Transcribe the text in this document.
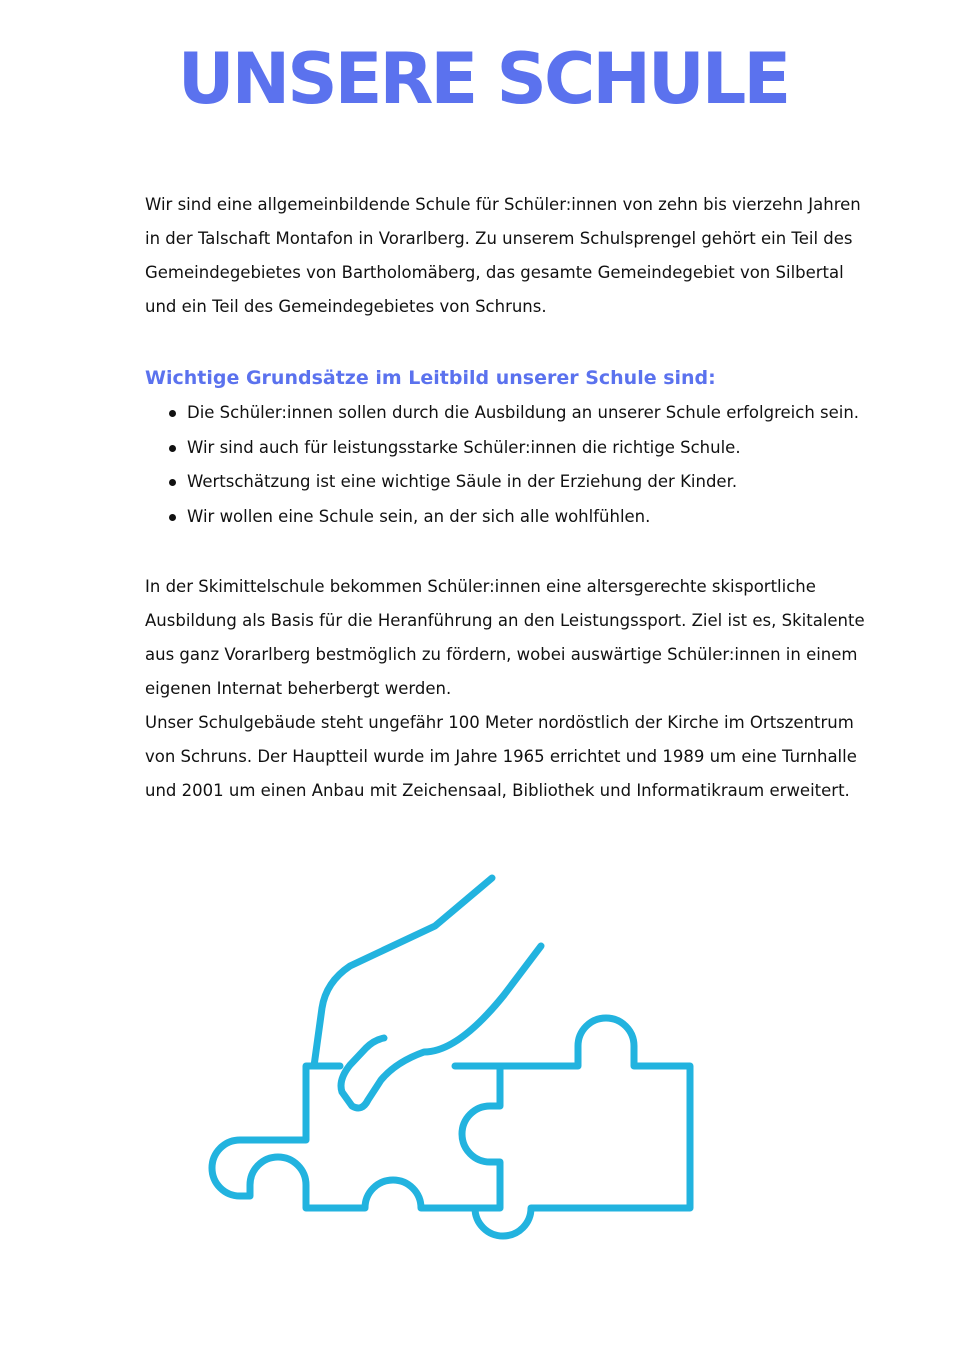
UNSERE SCHULE

Wir sind eine allgemeinbildende Schule für Schüler:innen von zehn bis vierzehn Jahren in der Talschaft Montafon in Vorarlberg. Zu unserem Schulsprengel gehört ein Teil des Gemeindegebietes von Bartholomäberg, das gesamte Gemeindegebiet von Silbertal und ein Teil des Gemeindegebietes von Schruns.

Wichtige Grundsätze im Leitbild unserer Schule sind:
Die Schüler:innen sollen durch die Ausbildung an unserer Schule erfolgreich sein.
Wir sind auch für leistungsstarke Schüler:innen die richtige Schule.
Wertschätzung ist eine wichtige Säule in der Erziehung der Kinder.
Wir wollen eine Schule sein, an der sich alle wohlfühlen.

In der Skimittelschule bekommen Schüler:innen eine altersgerechte skisportliche Ausbildung als Basis für die Heranführung an den Leistungssport. Ziel ist es, Skitalente aus ganz Vorarlberg bestmöglich zu fördern, wobei auswärtige Schüler:innen in einem eigenen Internat beherbergt werden.

Unser Schulgebäude steht ungefähr 100 Meter nordöstlich der Kirche im Ortszentrum von Schruns. Der Hauptteil wurde im Jahre 1965 errichtet und 1989 um eine Turnhalle und 2001 um einen Anbau mit Zeichensaal, Bibliothek und Informatikraum erweitert.
